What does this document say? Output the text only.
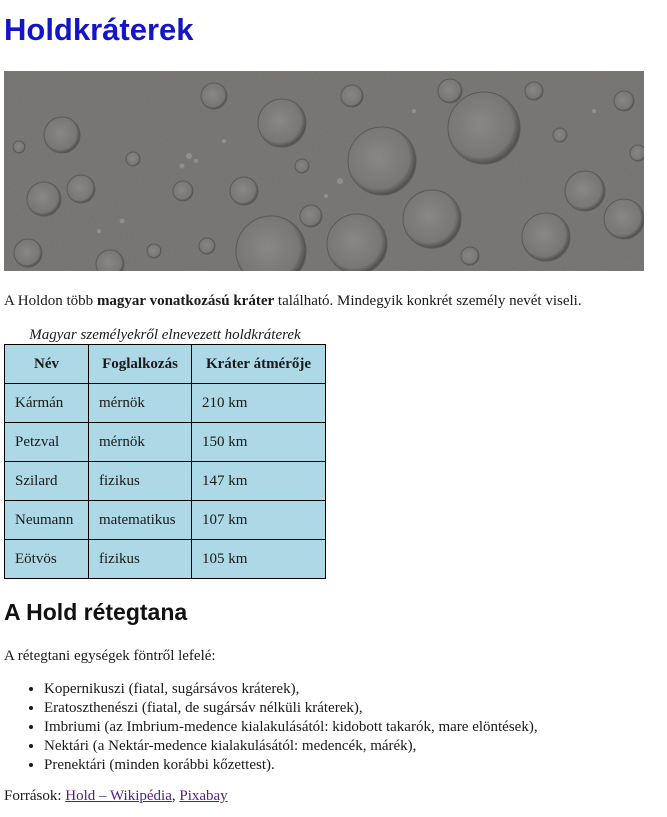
Holdkráterek

A Holdon több magyar vonatkozású kráter található. Mindegyik konkrét személy nevét viseli.

Magyar személyekről elnevezett holdkráterek
Név	Foglalkozás	Kráter átmérője
Kármán	mérnök	210 km
Petzval	mérnök	150 km
Szilard	fizikus	147 km
Neumann	matematikus	107 km
Eötvös	fizikus	105 km
A Hold rétegtana

A rétegtani egységek föntről lefelé:

• Kopernikuszi (fiatal, sugársávos kráterek),
• Eratoszthenészi (fiatal, de sugársáv nélküli kráterek),
• Imbriumi (az Imbrium-medence kialakulásától: kidobott takarók, mare elöntések),
• Nektári (a Nektár-medence kialakulásától: medencék, márék),
• Prenektári (minden korábbi kőzettest).

Források: Hold – Wikipédia, Pixabay
